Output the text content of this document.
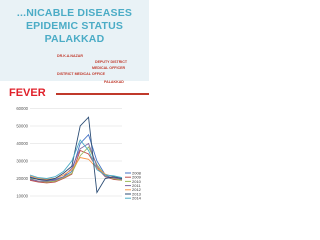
...NICABLE DISEASES
EPIDEMIC STATUS
PALAKKAD
DR.K.A.NAZAR
DEPUTY DISTRICT
MEDICAL OFFICER
DISTRICT MEDICAL OFFICE
PALAKKAD
FEVER
60000
50000
40000
30000
20000
10000
2008
2009
2010
2011
2012
2013
2014
